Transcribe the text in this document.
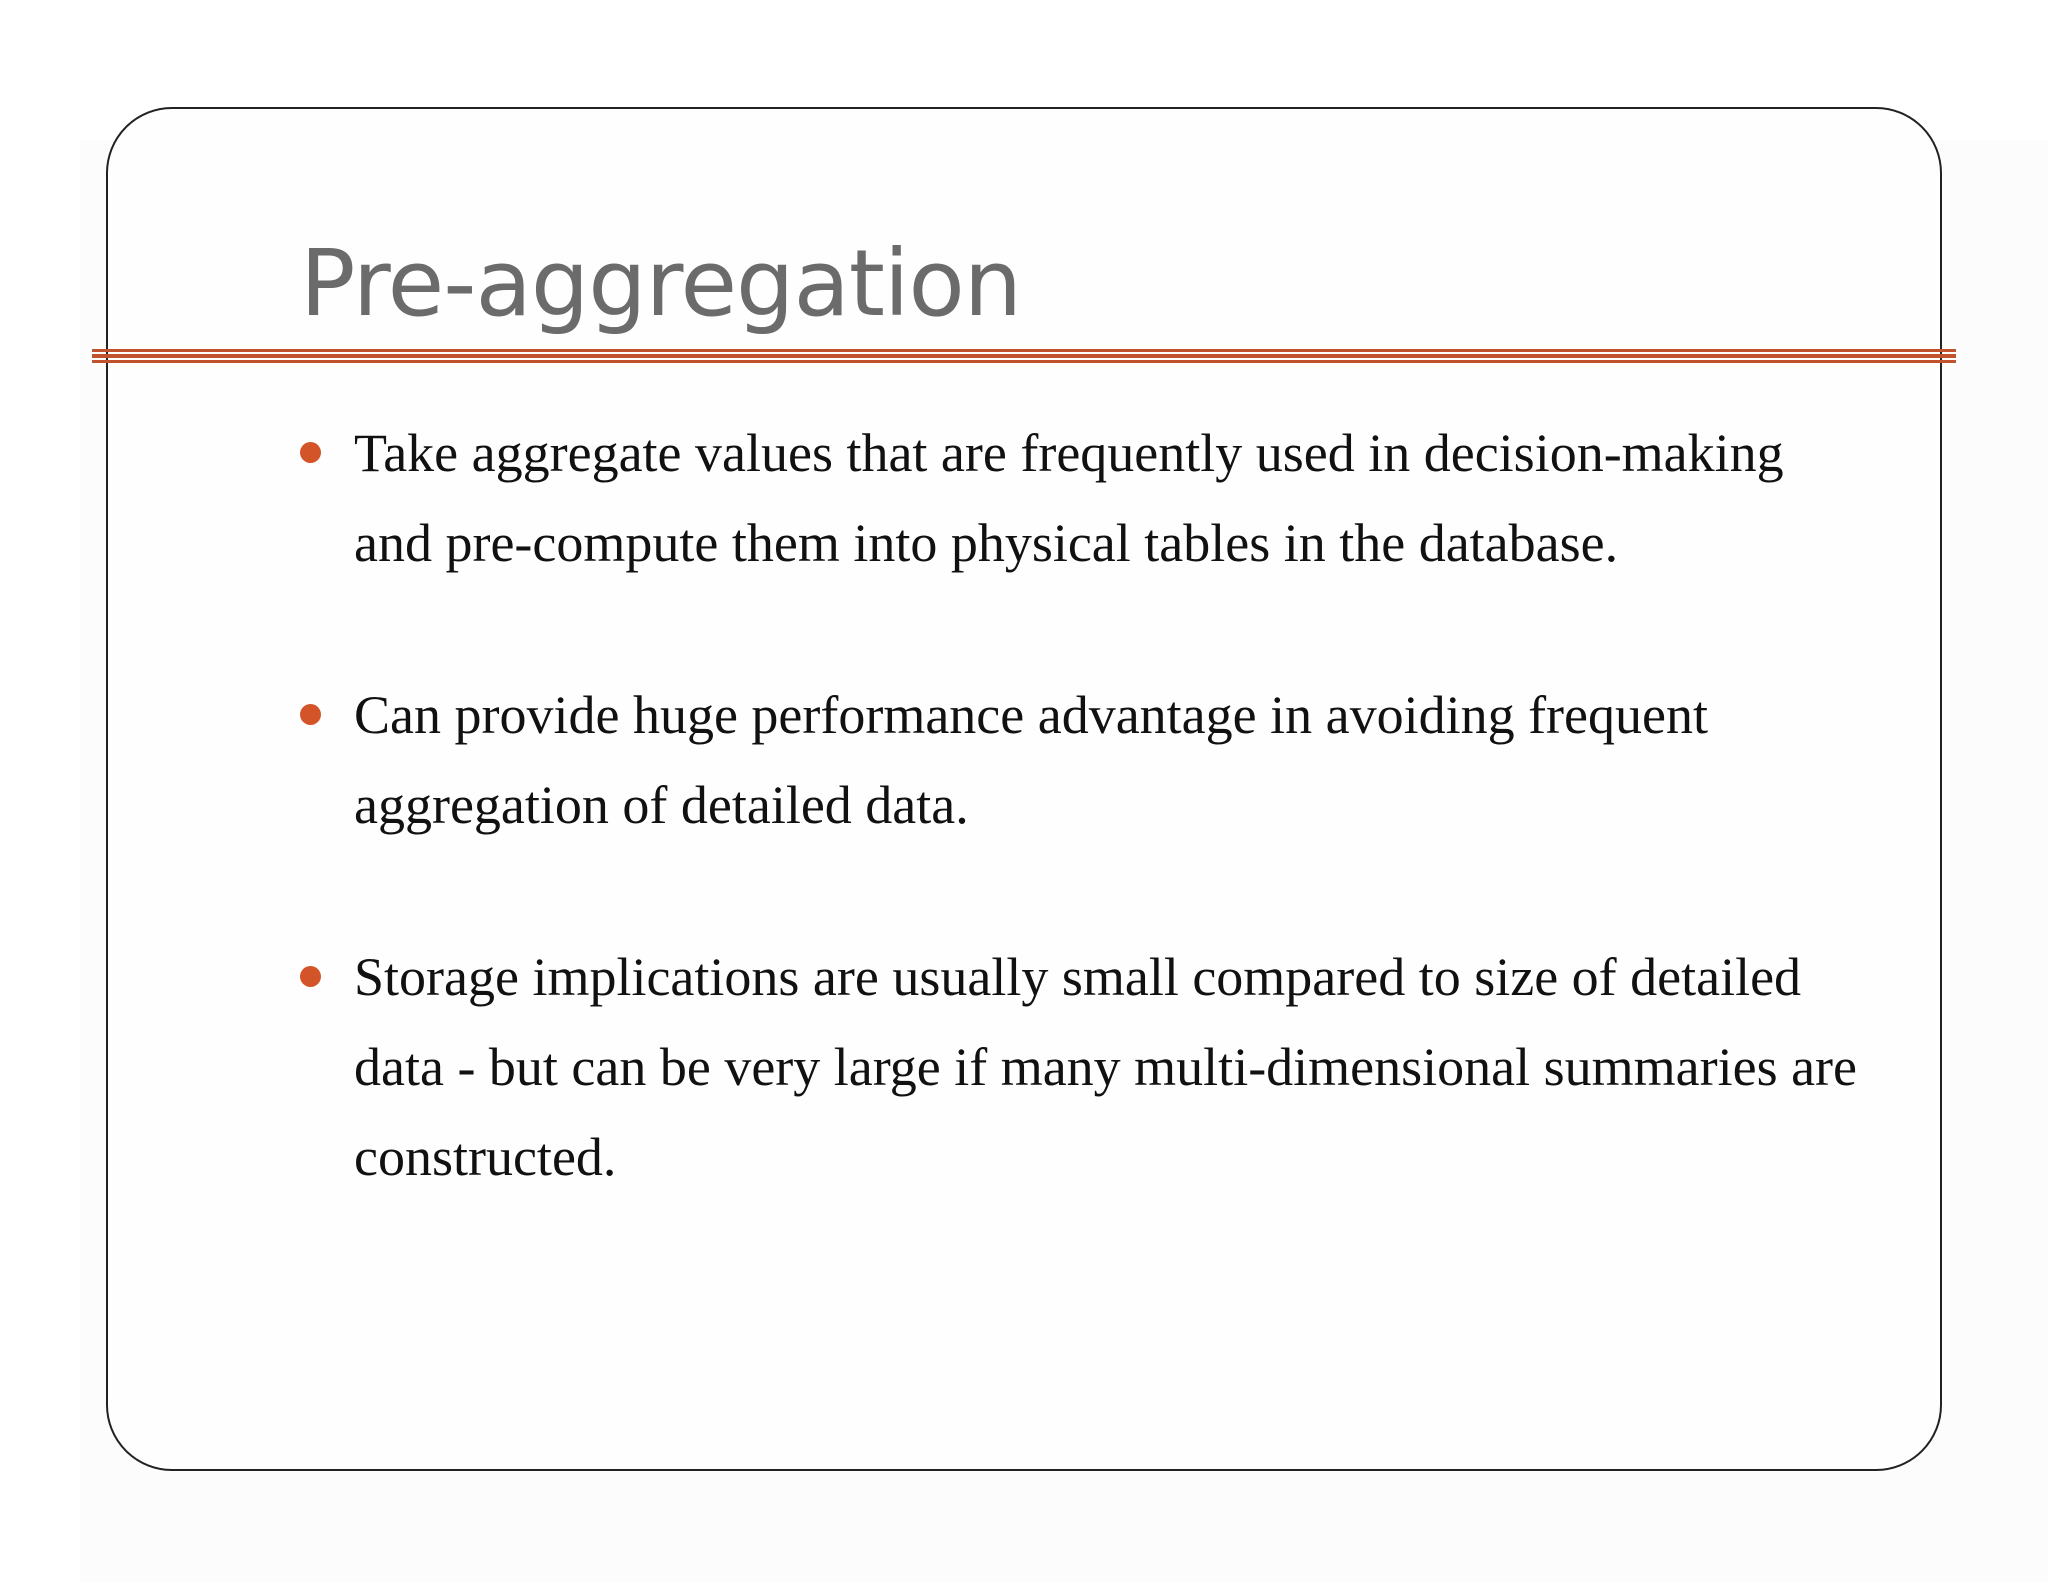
Pre-aggregation
Take aggregate values that are frequently used in decision-making and pre-compute them into physical tables in the database.
Can provide huge performance advantage in avoiding frequent aggregation of detailed data.
Storage implications are usually small compared to size of detailed data - but can be very large if many multi-dimensional summaries are constructed.
